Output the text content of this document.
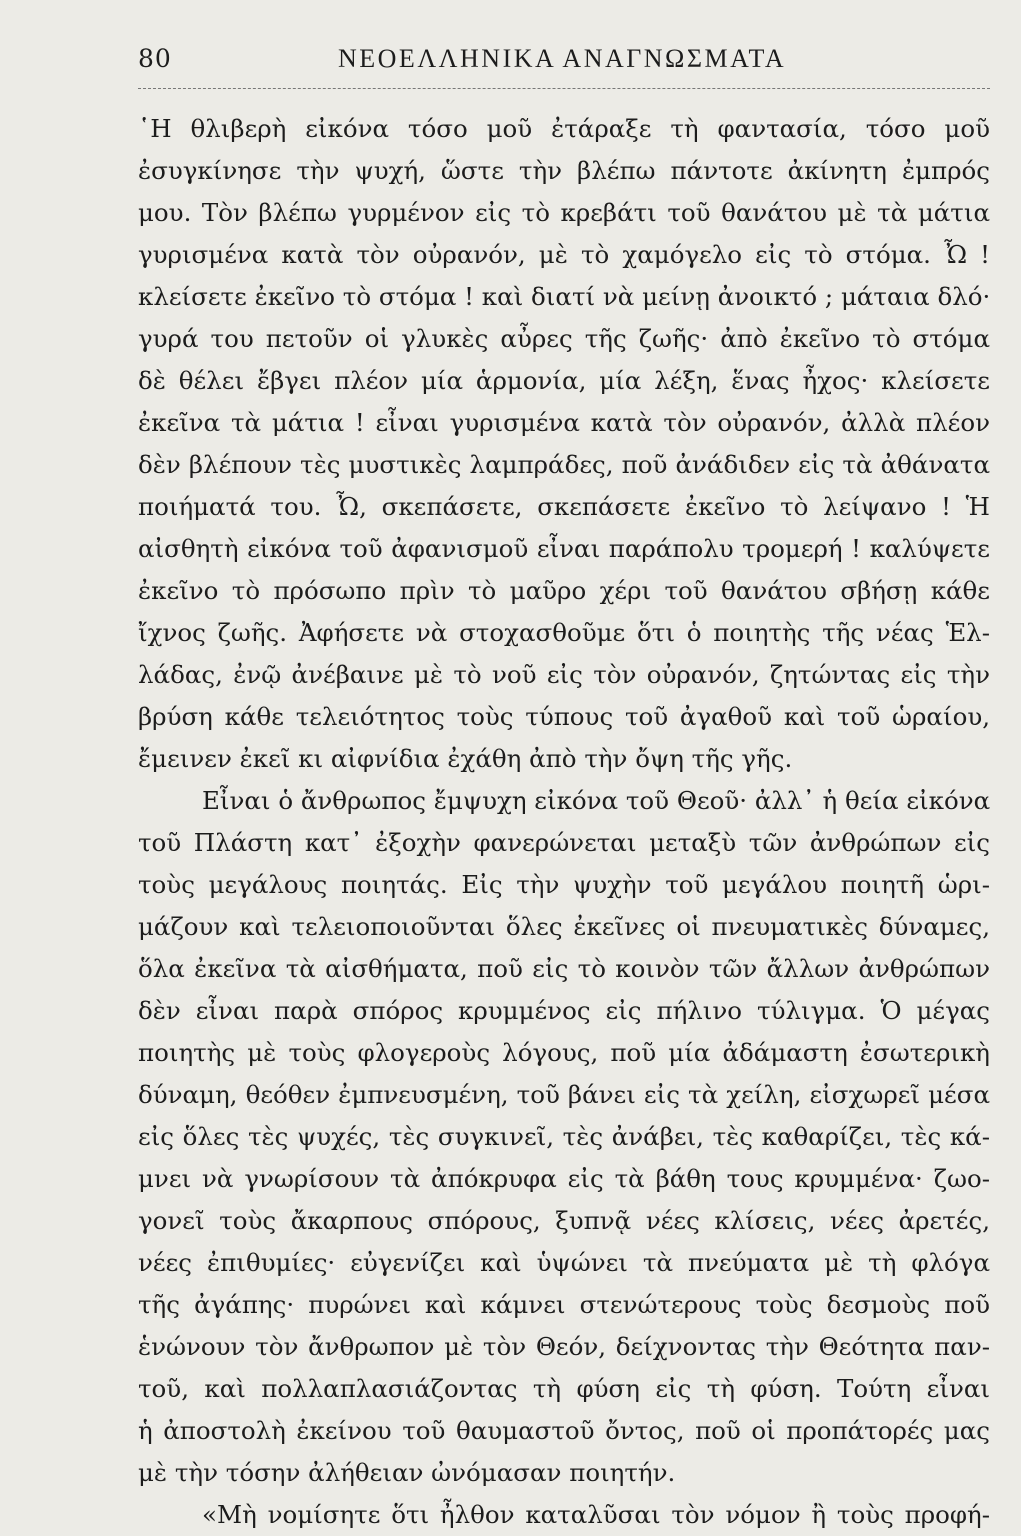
80	ΝΕΟΕΛΛΗΝΙΚΑ ΑΝΑΓΝΩΣΜΑΤΑ
῾Η θλιβερὴ εἰκόνα τόσο μοῦ ἐτάραξε τὴ φαντασία, τόσο μοῦ
ἐσυγκίνησε τὴν ψυχή, ὥστε τὴν βλέπω πάντοτε ἀκίνητη ἐμπρός
μου. Τὸν βλέπω γυρμένον εἰς τὸ κρεβάτι τοῦ θανάτου μὲ τὰ μάτια
γυρισμένα κατὰ τὸν οὐρανόν, μὲ τὸ χαμόγελο εἰς τὸ στόμα. Ὦ !
κλείσετε ἐκεῖνο τὸ στόμα ! καὶ διατί νὰ μείνῃ ἀνοικτό ; μάταια δλό·
γυρά του πετοῦν οἱ γλυκὲς αὖρες τῆς ζωῆς· ἀπὸ ἐκεῖνο τὸ στόμα
δὲ θέλει ἔβγει πλέον μία ἁρμονία, μία λέξη, ἕνας ἦχος· κλείσετε
ἐκεῖνα τὰ μάτια ! εἶναι γυρισμένα κατὰ τὸν οὐρανόν, ἀλλὰ πλέον
δὲν βλέπουν τὲς μυστικὲς λαμπράδες, ποῦ ἀνάδιδεν εἰς τὰ ἀθάνατα
ποιήματά του. Ὦ, σκεπάσετε, σκεπάσετε ἐκεῖνο τὸ λείψανο ! Ἡ
αἰσθητὴ εἰκόνα τοῦ ἀφανισμοῦ εἶναι παράπολυ τρομερή ! καλύψετε
ἐκεῖνο τὸ πρόσωπο πρὶν τὸ μαῦρο χέρι τοῦ θανάτου σβήσῃ κάθε
ἴχνος ζωῆς. Ἀφήσετε νὰ στοχασθοῦμε ὅτι ὁ ποιητὴς τῆς νέας Ἑλ-
λάδας, ἐνῷ ἀνέβαινε μὲ τὸ νοῦ εἰς τὸν οὐρανόν, ζητώντας εἰς τὴν
βρύση κάθε τελειότητος τοὺς τύπους τοῦ ἀγαθοῦ καὶ τοῦ ὡραίου,
ἔμεινεν ἐκεῖ κι αἰφνίδια ἐχάθη ἀπὸ τὴν ὄψη τῆς γῆς.
Εἶναι ὁ ἄνθρωπος ἔμψυχη εἰκόνα τοῦ Θεοῦ· ἀλλ᾽ ἡ θεία εἰκόνα
τοῦ Πλάστη κατ᾽ ἐξοχὴν φανερώνεται μεταξὺ τῶν ἀνθρώπων εἰς
τοὺς μεγάλους ποιητάς. Εἰς τὴν ψυχὴν τοῦ μεγάλου ποιητῆ ὡρι-
μάζουν καὶ τελειοποιοῦνται ὅλες ἐκεῖνες οἱ πνευματικὲς δύναμες,
ὅλα ἐκεῖνα τὰ αἰσθήματα, ποῦ εἰς τὸ κοινὸν τῶν ἄλλων ἀνθρώπων
δὲν εἶναι παρὰ σπόρος κρυμμένος εἰς πήλινο τύλιγμα. Ὁ μέγας
ποιητὴς μὲ τοὺς φλογεροὺς λόγους, ποῦ μία ἀδάμαστη ἐσωτερικὴ
δύναμη, θεόθεν ἐμπνευσμένη, τοῦ βάνει εἰς τὰ χείλη, εἰσχωρεῖ μέσα
εἰς ὅλες τὲς ψυχές, τὲς συγκινεῖ, τὲς ἀνάβει, τὲς καθαρίζει, τὲς κά-
μνει νὰ γνωρίσουν τὰ ἀπόκρυφα εἰς τὰ βάθη τους κρυμμένα· ζωο-
γονεῖ τοὺς ἄκαρπους σπόρους, ξυπνᾷ νέες κλίσεις, νέες ἀρετές,
νέες ἐπιθυμίες· εὐγενίζει καὶ ὑψώνει τὰ πνεύματα μὲ τὴ φλόγα
τῆς ἀγάπης· πυρώνει καὶ κάμνει στενώτερους τοὺς δεσμοὺς ποῦ
ἑνώνουν τὸν ἄνθρωπον μὲ τὸν Θεόν, δείχνοντας τὴν Θεότητα παν-
τοῦ, καὶ πολλαπλασιάζοντας τὴ φύση εἰς τὴ φύση. Τούτη εἶναι
ἡ ἀποστολὴ ἐκείνου τοῦ θαυμαστοῦ ὄντος, ποῦ οἱ προπάτορές μας
μὲ τὴν τόσην ἀλήθειαν ὠνόμασαν ποιητήν.
«Μὴ νομίσητε ὅτι ἦλθον καταλῦσαι τὸν νόμον ἢ τοὺς προφή-
